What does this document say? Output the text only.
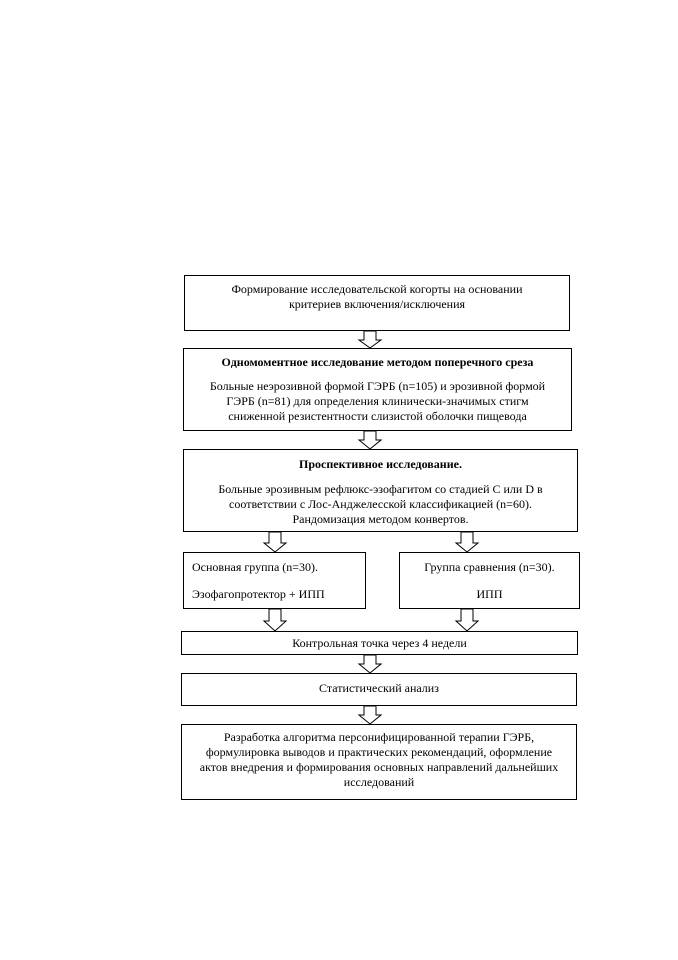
Формирование исследовательской когорты на основании

критериев включения/исключения

Одномоментное исследование методом поперечного среза

Больные неэрозивной формой ГЭРБ (n=105) и эрозивной формой

ГЭРБ (n=81) для определения клинически-значимых стигм

сниженной резистентности слизистой оболочки пищевода

Проспективное исследование.

Больные эрозивным рефлюкс-эзофагитом со стадией С или D в

соответствии с Лос-Анджелесской классификацией (n=60).

Рандомизация методом конвертов.

Основная группа (n=30).

Эзофагопротектор + ИПП

Группа сравнения (n=30).

ИПП

Контрольная точка через 4 недели

Статистический анализ

Разработка алгоритма персонифицированной терапии ГЭРБ,

формулировка выводов и практических рекомендаций, оформление

актов внедрения и формирования основных направлений дальнейших

исследований
